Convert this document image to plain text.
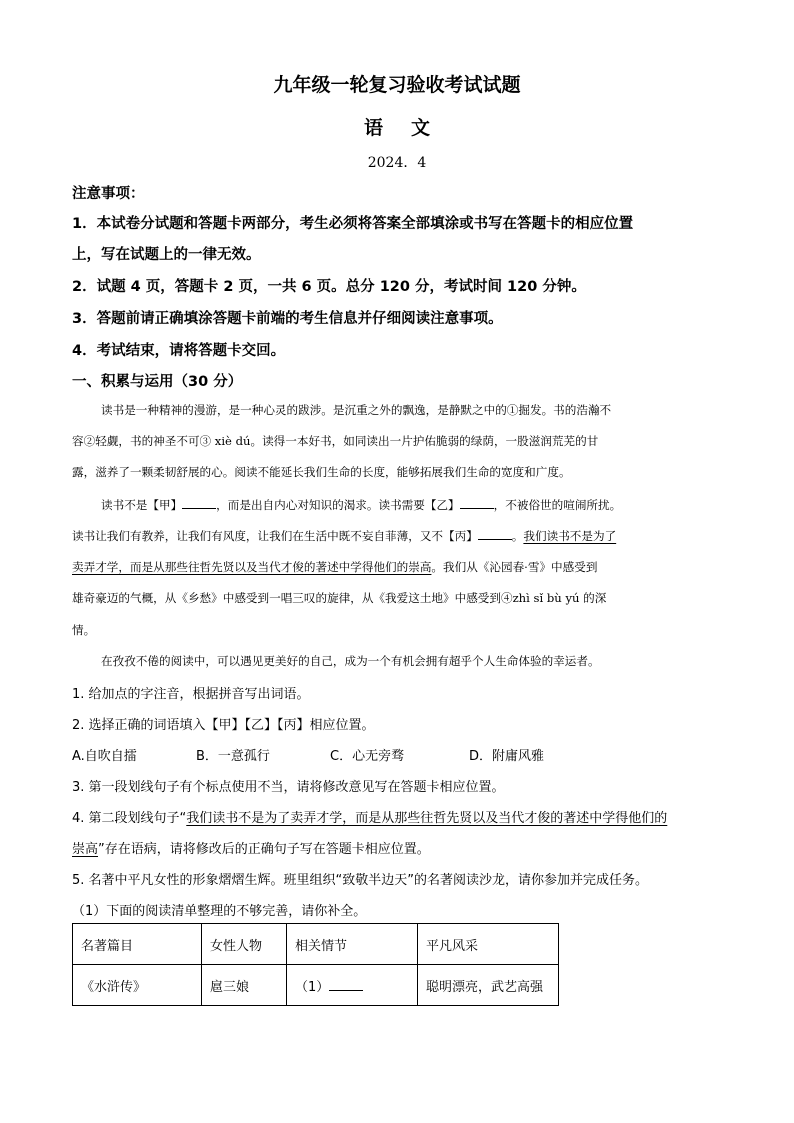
九年级一轮复习验收考试试题
语文
2024．4
注意事项：
1．本试卷分试题和答题卡两部分，考生必须将答案全部填涂或书写在答题卡的相应位置
上，写在试题上的一律无效。
2．试题 4 页，答题卡 2 页，一共 6 页。总分 120 分，考试时间 120 分钟。
3．答题前请正确填涂答题卡前端的考生信息并仔细阅读注意事项。
4．考试结束，请将答题卡交回。
一、积累与运用（30 分）
读书是一种精神的漫游，是一种心灵的跋涉。是沉重之外的飘逸，是静默之中的①掘发。书的浩瀚不
容②轻觑，书的神圣不可③ xiè dú。读得一本好书，如同读出一片护佑脆弱的绿荫，一股滋润荒芜的甘
露，滋养了一颗柔韧舒展的心。阅读不能延长我们生命的长度，能够拓展我们生命的宽度和广度。
读书不是【甲】	，而是出自内心对知识的渴求。读书需要【乙】	，不被俗世的喧闹所扰。
读书让我们有教养，让我们有风度，让我们在生活中既不妄自菲薄，又不【丙】	。我们读书不是为了
卖弄才学，而是从那些往哲先贤以及当代才俊的著述中学得他们的崇高。我们从《沁园春·雪》中感受到
雄奇豪迈的气概，从《乡愁》中感受到一唱三叹的旋律，从《我爱这土地》中感受到④zhì sǐ bù yú 的深
情。
在孜孜不倦的阅读中，可以遇见更美好的自己，成为一个有机会拥有超乎个人生命体验的幸运者。
1. 给加点的字注音，根据拼音写出词语。
2. 选择正确的词语填入【甲】【乙】【丙】相应位置。
A.自吹自擂	B．一意孤行	C．心无旁骛	D．附庸风雅
3. 第一段划线句子有个标点使用不当，请将修改意见写在答题卡相应位置。
4. 第二段划线句子“我们读书不是为了卖弄才学，而是从那些往哲先贤以及当代才俊的著述中学得他们的
崇高”存在语病，请将修改后的正确句子写在答题卡相应位置。
5. 名著中平凡女性的形象熠熠生辉。班里组织“致敬半边天”的名著阅读沙龙，请你参加并完成任务。
（1）下面的阅读清单整理的不够完善，请你补全。
名著篇目	女性人物	相关情节	平凡风采
《水浒传》	扈三娘	（1）	聪明漂亮，武艺高强
